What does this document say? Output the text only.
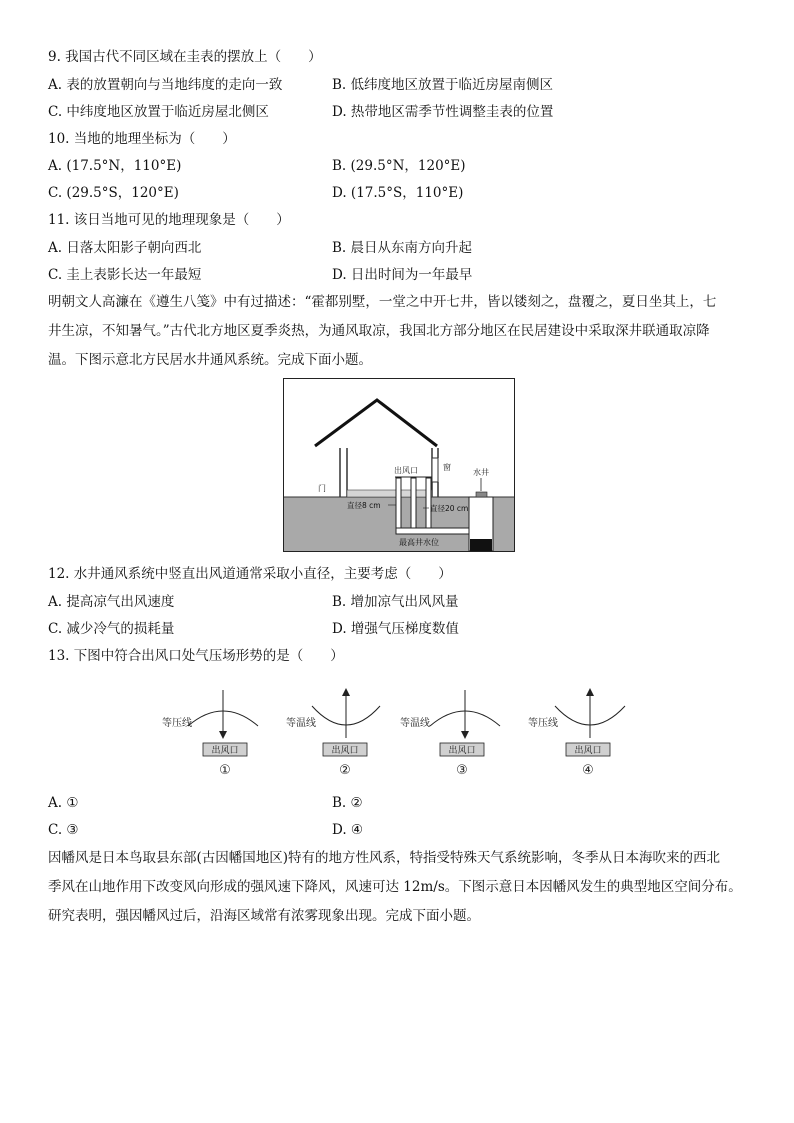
9. 我国古代不同区域在圭表的摆放上（　　）
A. 表的放置朝向与当地纬度的走向一致	B. 低纬度地区放置于临近房屋南侧区
C. 中纬度地区放置于临近房屋北侧区	D. 热带地区需季节性调整圭表的位置
10. 当地的地理坐标为（　　）
A. (17.5°N，110°E)	B. (29.5°N，120°E)
C. (29.5°S，120°E)	D. (17.5°S，110°E)
11. 该日当地可见的地理现象是（　　）
A. 日落太阳影子朝向西北	B. 晨日从东南方向升起
C. 圭上表影长达一年最短	D. 日出时间为一年最早
明朝文人高濂在《遵生八笺》中有过描述：“霍都别墅，一堂之中开七井，皆以镂刻之，盘覆之，夏日坐其上，七
井生凉，不知暑气。”古代北方地区夏季炎热，为通风取凉，我国北方部分地区在民居建设中采取深井联通取凉降
温。下图示意北方民居水井通风系统。完成下面小题。
窗
出风口	水井
门
直径8 cm	直径20 cm
最高井水位
12. 水井通风系统中竖直出风道通常采取小直径，主要考虑（　　）
A. 提高凉气出风速度	B. 增加凉气出风风量
C. 减少冷气的损耗量	D. 增强气压梯度数值
13. 下图中符合出风口处气压场形势的是（　　）
等压线
出风口
①
等温线
出风口
②
等温线
出风口
③
等压线
出风口
④
A. ①	B. ②
C. ③	D. ④
因幡风是日本鸟取县东部(古因幡国地区)特有的地方性风系，特指受特殊天气系统影响，冬季从日本海吹来的西北
季风在山地作用下改变风向形成的强风速下降风，风速可达 12m/s。下图示意日本因幡风发生的典型地区空间分布。
研究表明，强因幡风过后，沿海区域常有浓雾现象出现。完成下面小题。
